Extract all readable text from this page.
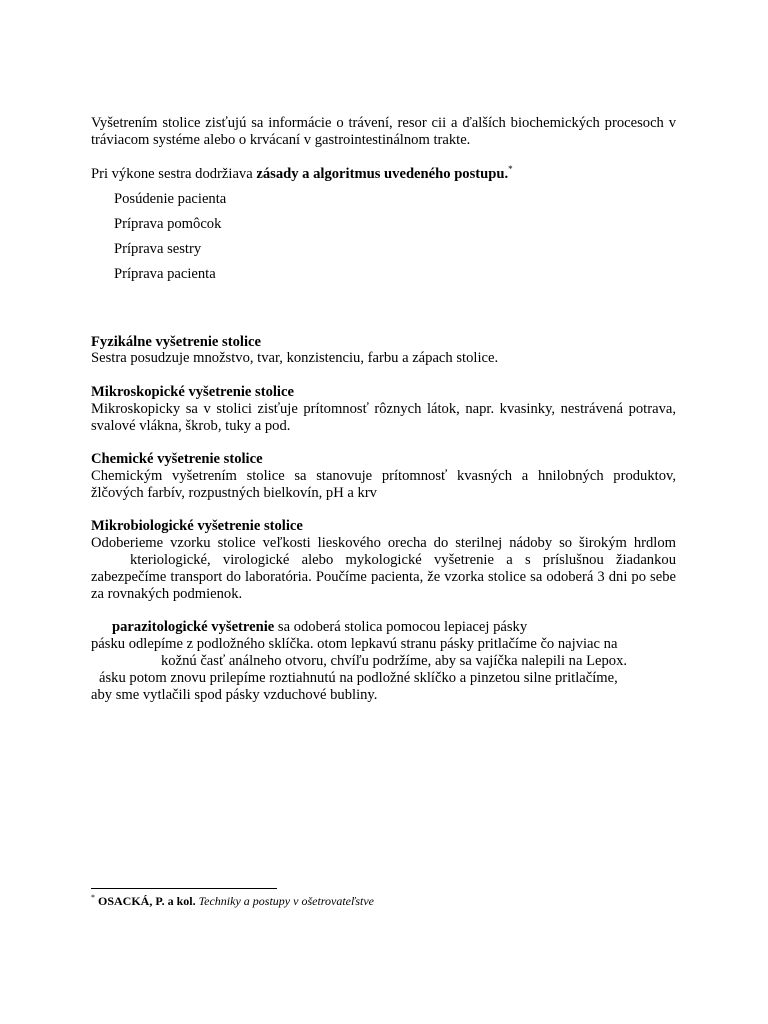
Vyšetrením stolice zisťujú sa informácie o trávení, resor cii a ďalších biochemických procesoch v tráviacom systéme alebo o krvácaní v gastrointestinálnom trakte.

Pri výkone sestra dodržiava zásady a algoritmus uvedeného postupu.*

Posúdenie pacienta
Príprava pomôcok
Príprava sestry
Príprava pacienta
Fyzikálne vyšetrenie stolice
Sestra posudzuje množstvo, tvar, konzistenciu, farbu a zápach stolice.
Mikroskopické vyšetrenie stolice

Mikroskopicky sa v stolici zisťuje prítomnosť rôznych látok, napr. kvasinky, nestrávená potrava, svalové vlákna, škrob, tuky a pod.

Chemické vyšetrenie stolice
Chemickým vyšetrením stolice sa stanovuje prítomnosť kvasných a hnilobných produktov,
žlčových farbív, rozpustných bielkovín, pH a krv
Mikrobiologické vyšetrenie stolice
Odoberieme vzorku stolice veľkosti lieskového orecha do sterilnej nádoby so širokým hrdlom
kteriologické, virologické alebo mykologické vyšetrenie a s príslušnou žiadankou

zabezpečíme transport do laboratória. Poučíme pacienta, že vzorka stolice sa odoberá 3 dni po sebe za rovnakých podmienok.

parazitologické vyšetrenie sa odoberá stolica pomocou lepiacej pásky
pásku odlepíme z podložného sklíčka. otom lepkavú stranu pásky pritlačíme čo najviac na
kožnú časť análneho otvoru, chvíľu podržíme, aby sa vajíčka nalepili na Lepox.
ásku potom znovu prilepíme roztiahnutú na podložné sklíčko a pinzetou silne pritlačíme,
aby sme vytlačili spod pásky vzduchové bubliny.
* OSACKÁ, P. a kol. Techniky a postupy v ošetrovateľstve
